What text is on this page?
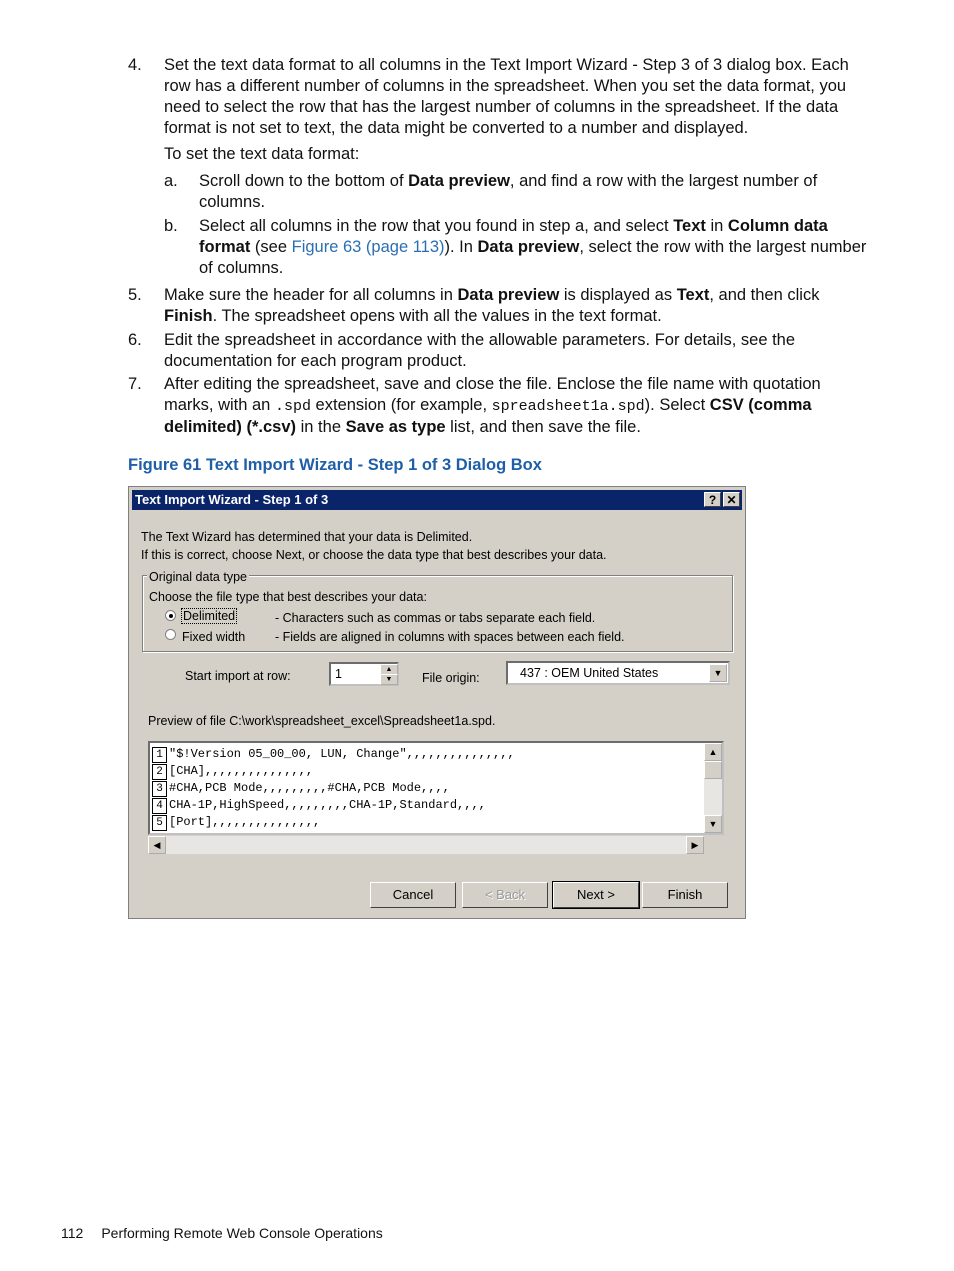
4. Set the text data format to all columns in the Text Import Wizard - Step 3 of 3 dialog box. Each row has a different number of columns in the spreadsheet. When you set the data format, you need to select the row that has the largest number of columns in the spreadsheet. If the data format is not set to text, the data might be converted to a number and displayed.
To set the text data format:
a. Scroll down to the bottom of Data preview, and find a row with the largest number of columns.
b. Select all columns in the row that you found in step a, and select Text in Column data format (see Figure 63 (page 113)). In Data preview, select the row with the largest number of columns.
5. Make sure the header for all columns in Data preview is displayed as Text, and then click Finish. The spreadsheet opens with all the values in the text format.
6. Edit the spreadsheet in accordance with the allowable parameters. For details, see the documentation for each program product.
7. After editing the spreadsheet, save and close the file. Enclose the file name with quotation marks, with an .spd extension (for example, spreadsheet1a.spd). Select CSV (comma delimited) (*.csv) in the Save as type list, and then save the file.
Figure 61 Text Import Wizard - Step 1 of 3 Dialog Box
Text Import Wizard - Step 1 of 3	? ✕
The Text Wizard has determined that your data is Delimited.
If this is correct, choose Next, or choose the data type that best describes your data.
Original data type
Choose the file type that best describes your data:
Delimited	- Characters such as commas or tabs separate each field.
Fixed width - Fields are aligned in columns with spaces between each field.
Start import at row:	1	▲
▼	File origin:	437 : OEM United States	▼
Preview of file C:\work\spreadsheet_excel\Spreadsheet1a.spd.
1 "$!Version 05_00_00, LUN, Change",,,,,,,,,,,,,,,
2 [CHA],,,,,,,,,,,,,,,
3 #CHA,PCB Mode,,,,,,,,,#CHA,PCB Mode,,,,
4 CHA-1P,HighSpeed,,,,,,,,,CHA-1P,Standard,,,,
5 [Port],,,,,,,,,,,,,,,
▲
▼
◀	▶
Cancel	< Back	Next >	Finish
112 Performing Remote Web Console Operations
